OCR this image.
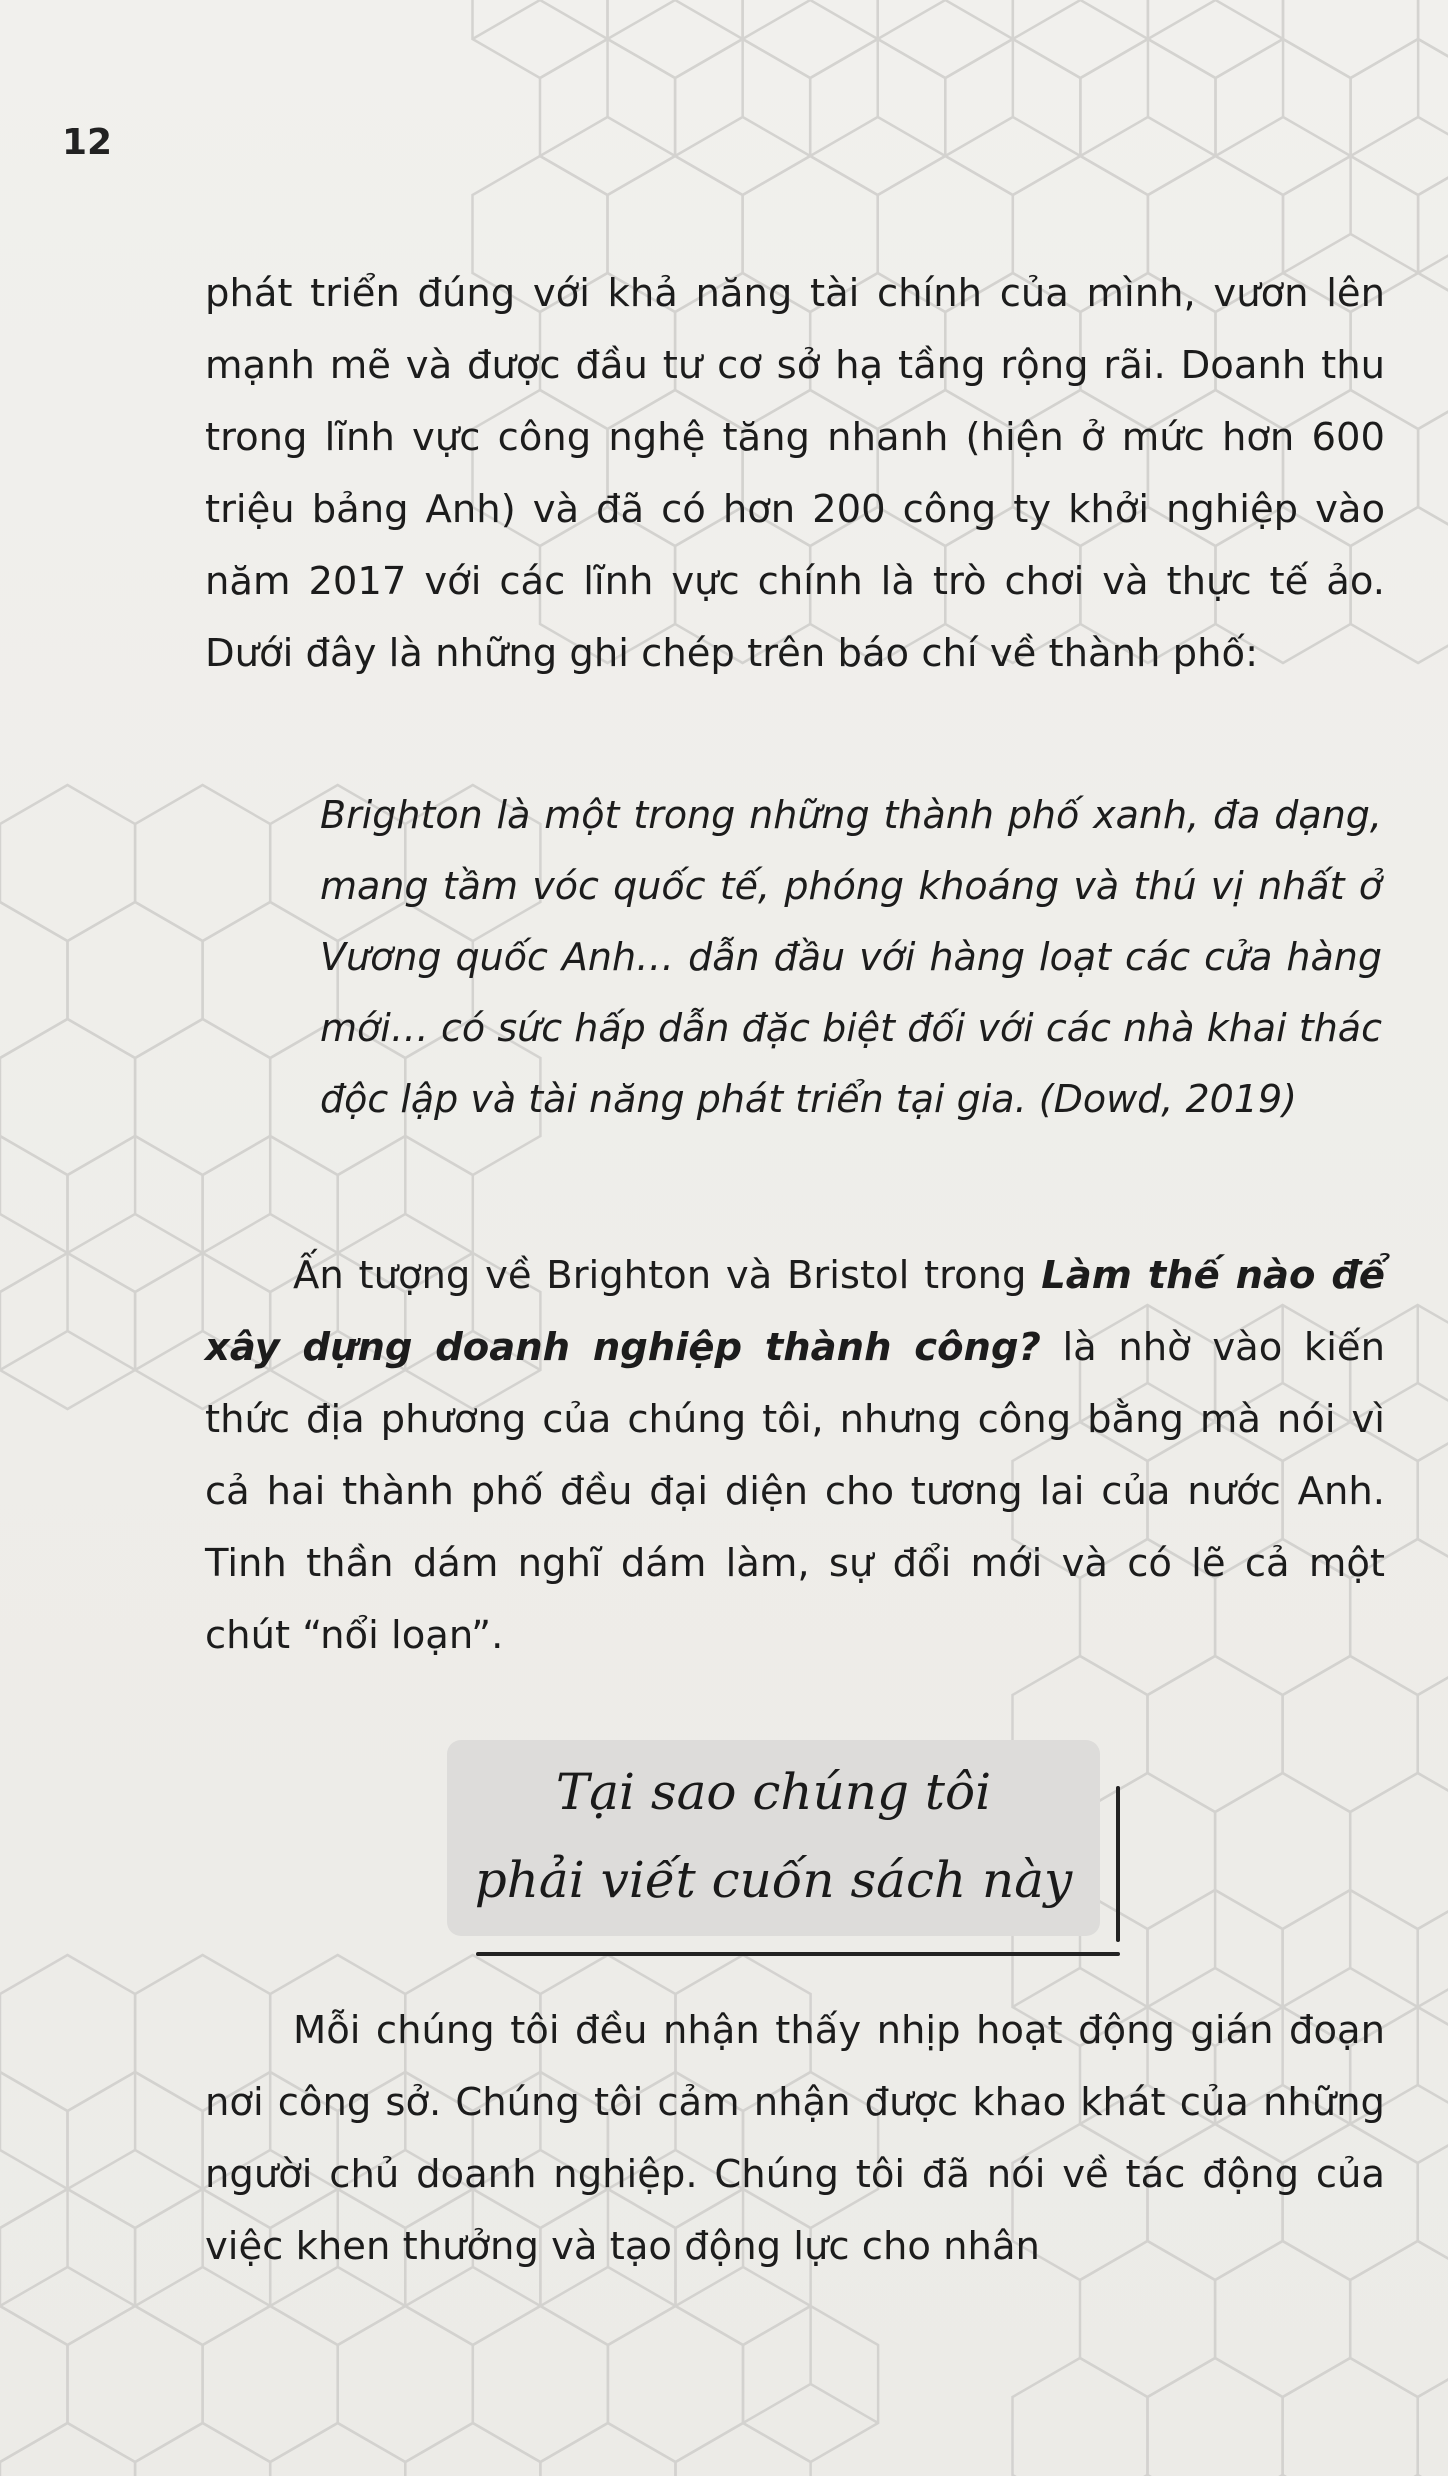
12

phát triển đúng với khả năng tài chính của mình, vươn lên mạnh mẽ và được đầu tư cơ sở hạ tầng rộng rãi. Doanh thu trong lĩnh vực công nghệ tăng nhanh (hiện ở mức hơn 600 triệu bảng Anh) và đã có hơn 200 công ty khởi nghiệp vào năm 2017 với các lĩnh vực chính là trò chơi và thực tế ảo. Dưới đây là những ghi chép trên báo chí về thành phố:

Brighton là một trong những thành phố xanh, đa dạng, mang tầm vóc quốc tế, phóng khoáng và thú vị nhất ở Vương quốc Anh… dẫn đầu với hàng loạt các cửa hàng mới… có sức hấp dẫn đặc biệt đối với các nhà khai thác độc lập và tài năng phát triển tại gia. (Dowd, 2019)

Ấn tượng về Brighton và Bristol trong Làm thế nào để xây dựng doanh nghiệp thành công? là nhờ vào kiến thức địa phương của chúng tôi, nhưng công bằng mà nói vì cả hai thành phố đều đại diện cho tương lai của nước Anh. Tinh thần dám nghĩ dám làm, sự đổi mới và có lẽ cả một chút “nổi loạn”.

Tại sao chúng tôi
phải viết cuốn sách này

Mỗi chúng tôi đều nhận thấy nhịp hoạt động gián đoạn nơi công sở. Chúng tôi cảm nhận được khao khát của những người chủ doanh nghiệp. Chúng tôi đã nói về tác động của việc khen thưởng và tạo động lực cho nhân
